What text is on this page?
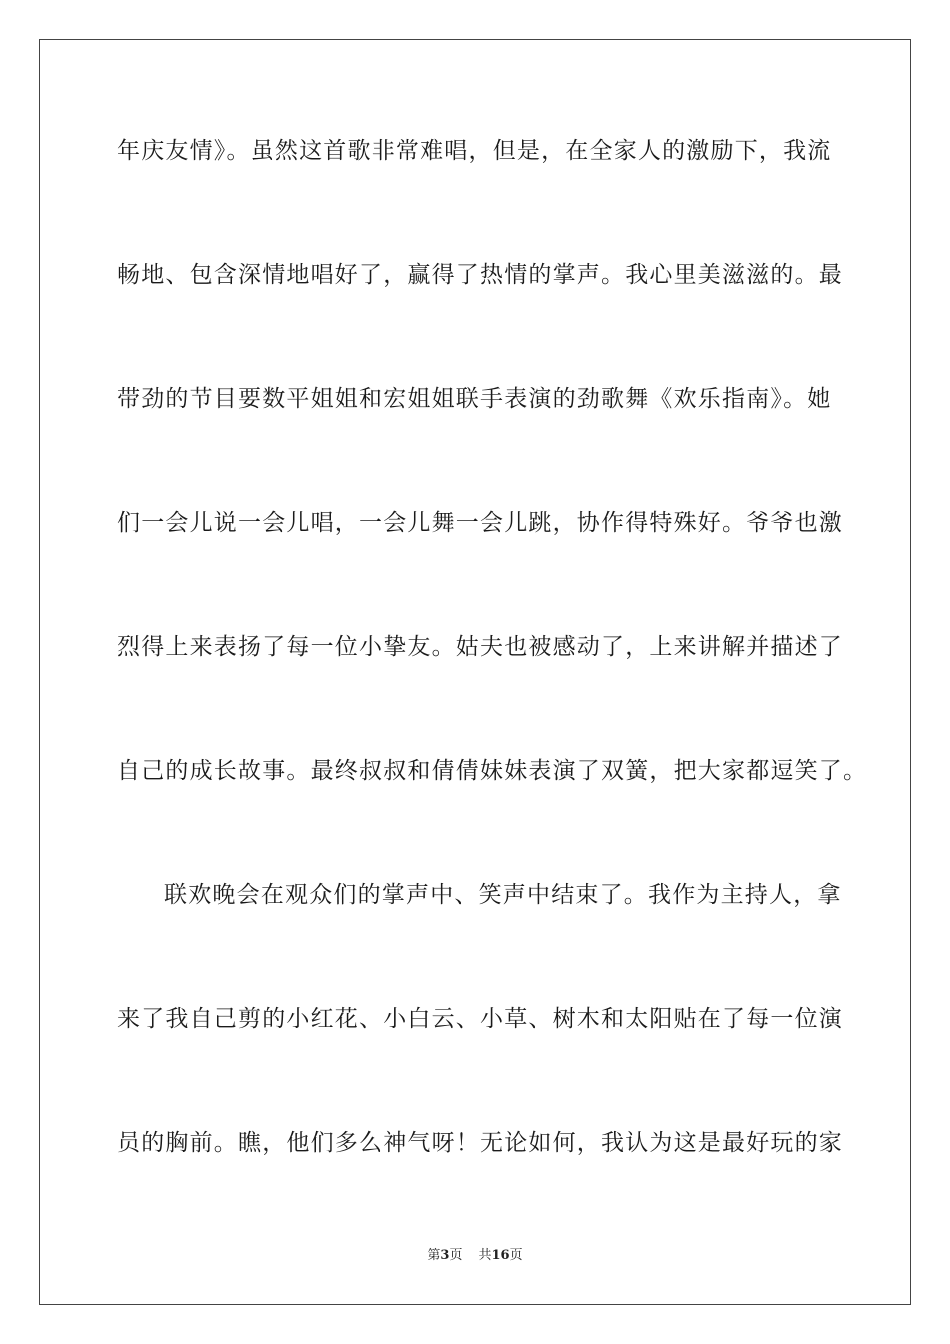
年庆友情》。虽然这首歌非常难唱，但是，在全家人的激励下，我流
畅地、包含深情地唱好了，赢得了热情的掌声。我心里美滋滋的。最
带劲的节目要数平姐姐和宏姐姐联手表演的劲歌舞《欢乐指南》。她
们一会儿说一会儿唱，一会儿舞一会儿跳，协作得特殊好。爷爷也激
烈得上来表扬了每一位小挚友。姑夫也被感动了，上来讲解并描述了
自己的成长故事。最终叔叔和倩倩妹妹表演了双簧，把大家都逗笑了。
联欢晚会在观众们的掌声中、笑声中结束了。我作为主持人，拿
来了我自己剪的小红花、小白云、小草、树木和太阳贴在了每一位演
员的胸前。瞧，他们多么神气呀！无论如何，我认为这是最好玩的家
第3页 共16页
